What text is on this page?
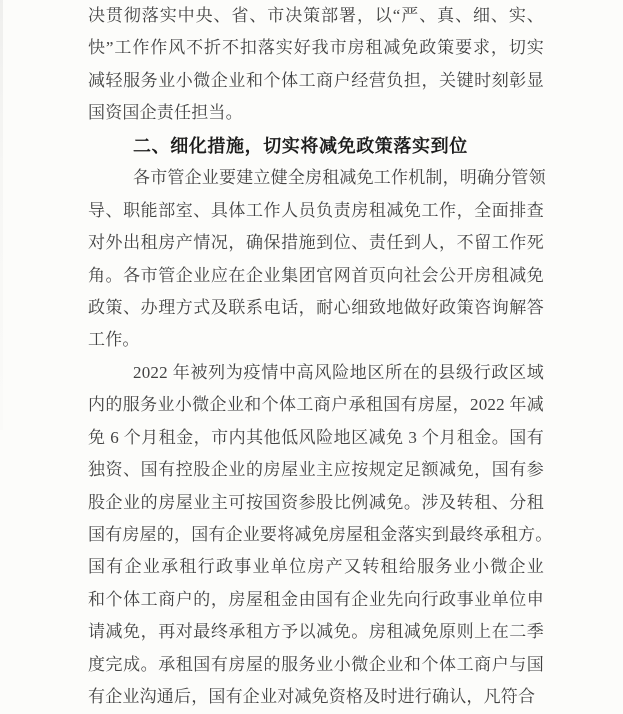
决贯彻落实中央、省、市决策部署，以“严、真、细、实、
快”工作作风不折不扣落实好我市房租减免政策要求，切实
减轻服务业小微企业和个体工商户经营负担，关键时刻彰显
国资国企责任担当。
二、细化措施，切实将减免政策落实到位
各市管企业要建立健全房租减免工作机制，明确分管领
导、职能部室、具体工作人员负责房租减免工作，全面排查
对外出租房产情况，确保措施到位、责任到人，不留工作死
角。各市管企业应在企业集团官网首页向社会公开房租减免
政策、办理方式及联系电话，耐心细致地做好政策咨询解答
工作。
2022 年被列为疫情中高风险地区所在的县级行政区域
内的服务业小微企业和个体工商户承租国有房屋，2022 年减
免 6 个月租金，市内其他低风险地区减免 3 个月租金。国有
独资、国有控股企业的房屋业主应按规定足额减免，国有参
股企业的房屋业主可按国资参股比例减免。涉及转租、分租
国有房屋的，国有企业要将减免房屋租金落实到最终承租方。
国有企业承租行政事业单位房产又转租给服务业小微企业
和个体工商户的，房屋租金由国有企业先向行政事业单位申
请减免，再对最终承租方予以减免。房租减免原则上在二季
度完成。承租国有房屋的服务业小微企业和个体工商户与国
有企业沟通后，国有企业对减免资格及时进行确认，凡符合
